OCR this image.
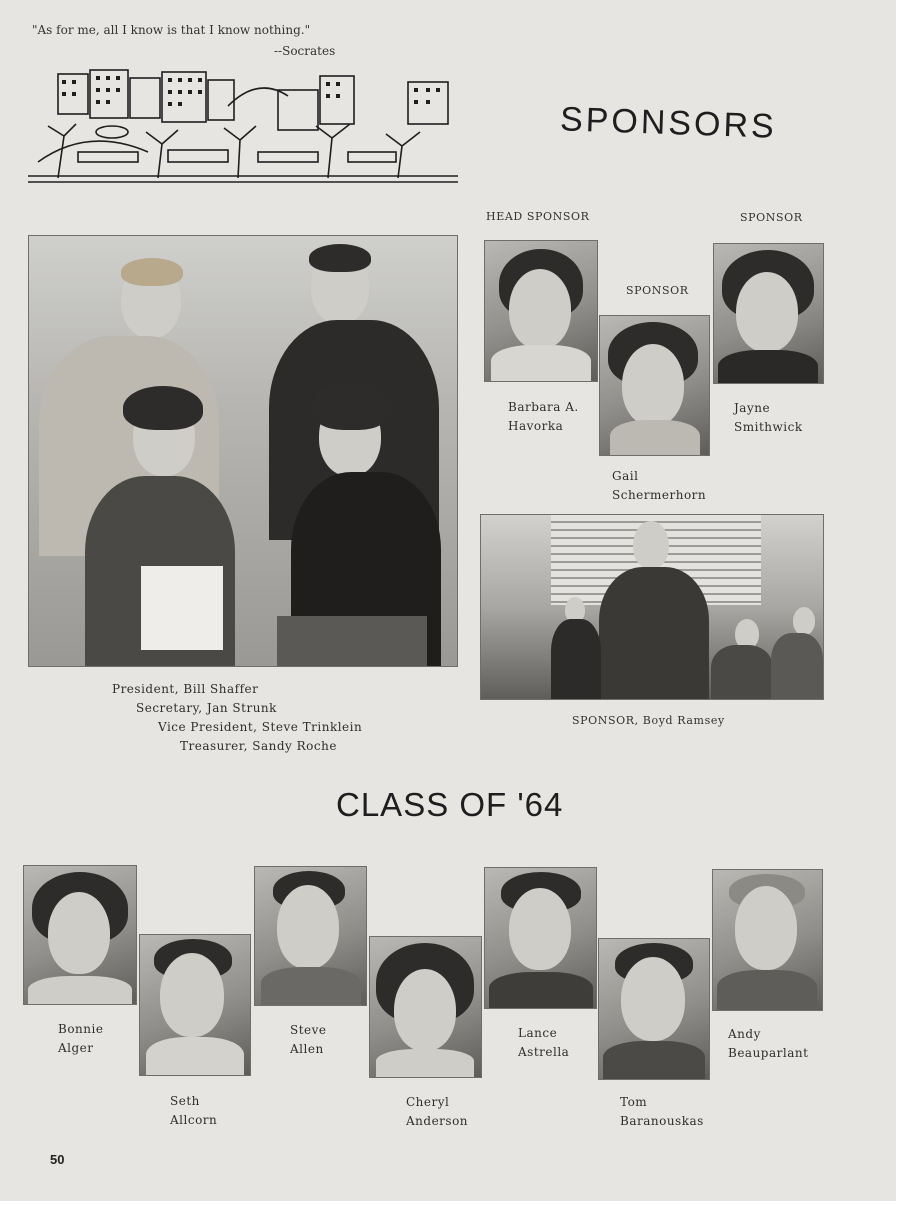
"As for me, all I know is that I know nothing."
--Socrates
SPONSORS
HEAD SPONSOR
SPONSOR
SPONSOR
President, Bill Shaffer
Secretary, Jan Strunk
Vice President, Steve Trinklein
Treasurer, Sandy Roche
Barbara A.
Havorka
Gail
Schermerhorn
Jayne
Smithwick
SPONSOR, Boyd Ramsey
CLASS OF '64
Bonnie
Alger
Seth
Allcorn
Steve
Allen
Cheryl
Anderson
Lance
Astrella
Tom
Baranouskas
Andy
Beauparlant
50
